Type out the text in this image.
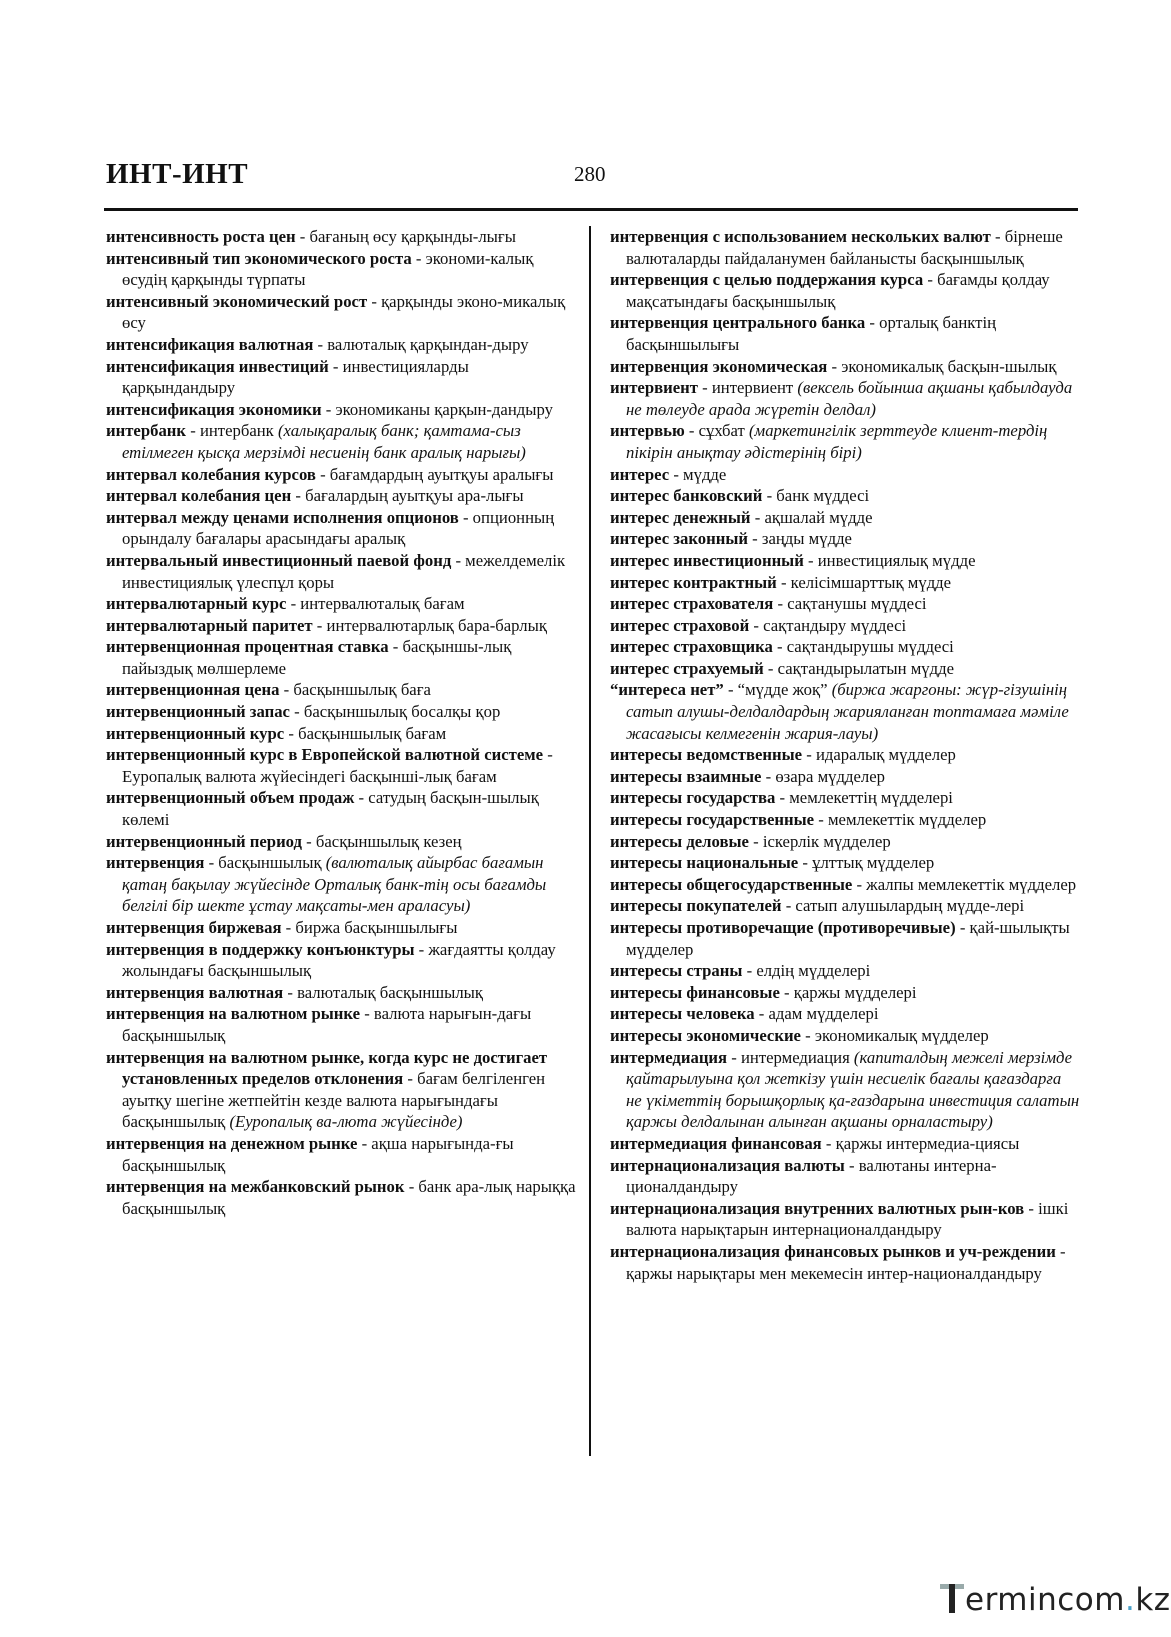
ИНТ-ИНТ	280

интенсивность роста цен - бағаның өсу қарқынды-лығы

интенсивный тип экономического роста - экономи-калық өсудің қарқынды түрпаты

интенсивный экономический рост - қарқынды эконо-микалық өсу

интенсификация валютная - валюталық қарқындан-дыру

интенсификация инвестиций - инвестицияларды қарқындандыру

интенсификация экономики - экономиканы қарқын-дандыру

интербанк - интербанк (халықаралық банк; қамтама-сыз етілмеген қысқа мерзімді несиенің банк аралық нарығы)

интервал колебания курсов - бағамдардың ауытқуы аралығы

интервал колебания цен - бағалардың ауытқуы ара-лығы

интервал между ценами исполнения опционов - опционның орындалу бағалары арасындағы аралық

интервальный инвестиционный паевой фонд - межелдемелік инвестициялық үлеспұл қоры

интервалютарный курс - интервалюталық бағам

интервалютарный паритет - интервалютарлық бара-барлық

интервенционная процентная ставка - басқыншы-лық пайыздық мөлшерлеме

интервенционная цена - басқыншылық баға

интервенционный запас - басқыншылық босалқы қор

интервенционный курс - басқыншылық бағам

интервенционный курс в Европейской валютной системе - Еуропалық валюта жүйесіндегі басқынші-лық бағам

интервенционный объем продаж - сатудың басқын-шылық көлемі

интервенционный период - басқыншылық кезең

интервенция - басқыншылық (валюталық айырбас бағамын қатаң бақылау жүйесінде Орталық банк-тің осы бағамды белгілі бір шекте ұстау мақсаты-мен араласуы)

интервенция биржевая - биржа басқыншылығы

интервенция в поддержку конъюнктуры - жағдаятты қолдау жолындағы басқыншылық

интервенция валютная - валюталық басқыншылық

интервенция на валютном рынке - валюта нарығын-дағы басқыншылық

интервенция на валютном рынке, когда курс не достигает установленных пределов отклонения - бағам белгіленген ауытқу шегіне жетпейтін кезде валюта нарығындағы басқыншылық (Еуропалық ва-люта жүйесінде)

интервенция на денежном рынке - ақша нарығында-ғы басқыншылық

интервенция на межбанковский рынок - банк ара-лық нарыққа басқыншылық

интервенция с использованием нескольких валют - бірнеше валюталарды пайдаланумен байланысты басқыншылық

интервенция с целью поддержания курса - бағамды қолдау мақсатындағы басқыншылық

интервенция центрального банка - орталық банктің басқыншылығы

интервенция экономическая - экономикалық басқын-шылық

интервиент - интервиент (вексель бойынша ақшаны қабылдауда не төлеуде арада жүретін делдал)

интервью - сұхбат (маркетингілік зерттеуде клиент-тердің пікірін анықтау әдістерінің бірі)

интерес - мүдде

интерес банковский - банк мүддесі

интерес денежный - ақшалай мүдде

интерес законный - заңды мүдде

интерес инвестиционный - инвестициялық мүдде

интерес контрактный - келісімшарттық мүдде

интерес страхователя - сақтанушы мүддесі

интерес страховой - сақтандыру мүддесі

интерес страховщика - сақтандырушы мүддесі

интерес страхуемый - сақтандырылатын мүдде

“интереса нет” - “мүдде жоқ” (биржа жаргоны: жүр-гізушінің сатып алушы-делдалдардың жарияланған топтамаға мәміле жасағысы келмегенін жария-лауы)

интересы ведомственные - идаралық мүдделер

интересы взаимные - өзара мүдделер

интересы государства - мемлекеттің мүдделері

интересы государственные - мемлекеттік мүдделер

интересы деловые - іскерлік мүдделер

интересы национальные - ұлттық мүдделер

интересы общегосударственные - жалпы мемлекеттік мүдделер

интересы покупателей - сатып алушылардың мүдде-лері

интересы противоречащие (противоречивые) - қай-шылықты мүдделер

интересы страны - елдің мүдделері

интересы финансовые - қаржы мүдделері

интересы человека - адам мүдделері

интересы экономические - экономикалық мүдделер

интермедиация - интермедиация (капиталдың межелі мерзімде қайтарылуына қол жеткізу үшін несиелік бағалы қағаздарға не үкіметтің борышқорлық қа-ғаздарына инвестиция салатын қаржы делдалынан алынған ақшаны орналастыру)

интермедиация финансовая - қаржы интермедиа-циясы

интернационализация валюты - валютаны интерна-ционалдандыру

интернационализация внутренних валютных рын-ков - ішкі валюта нарықтарын интернационалдандыру

интернационализация финансовых рынков и уч-реждении - қаржы нарықтары мен мекемесін интер-националдандыру

ermincom . kz
